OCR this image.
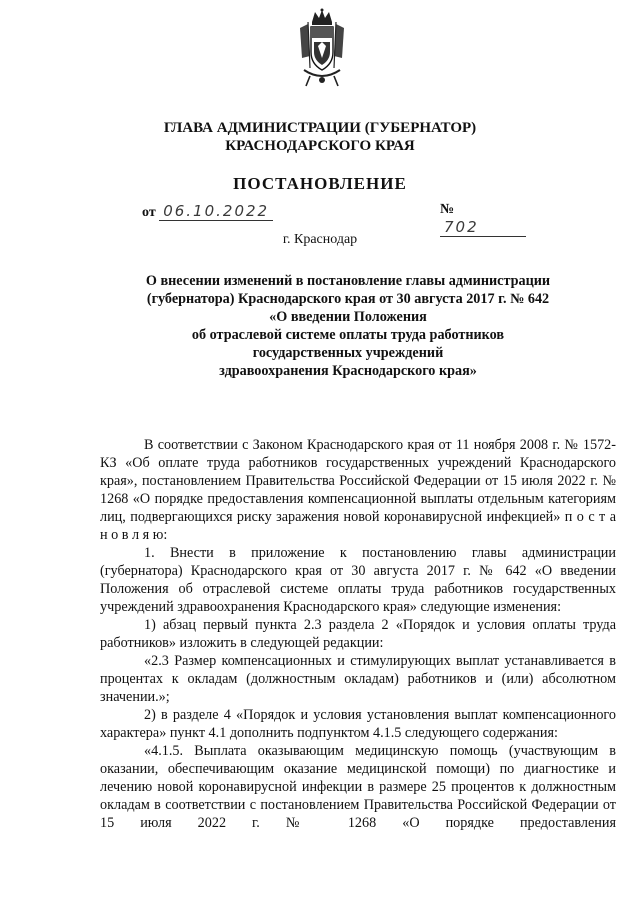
ГЛАВА АДМИНИСТРАЦИИ (ГУБЕРНАТОР)
КРАСНОДАРСКОГО КРАЯ
ПОСТАНОВЛЕНИЕ
от 06.10.2022	№ 702
г. Краснодар
О внесении изменений в постановление главы администрации
(губернатора) Краснодарского края от 30 августа 2017 г. № 642
«О введении Положения
об отраслевой системе оплаты труда работников
государственных учреждений
здравоохранения Краснодарского края»

В соответствии с Законом Краснодарского края от 11 ноября 2008 г. № 1572-КЗ «Об оплате труда работников государственных учреждений Краснодарского края», постановлением Правительства Российской Федерации от 15 июля 2022 г. № 1268 «О порядке предоставления компенсационной выплаты отдельным категориям лиц, подвергающихся риску заражения новой коронавирусной инфекцией» п о с т а н о в л я ю:

1. Внести в приложение к постановлению главы администрации (губернатора) Краснодарского края от 30 августа 2017 г. № 642 «О введении Положения об отраслевой системе оплаты труда работников государственных учреждений здравоохранения Краснодарского края» следующие изменения:

1) абзац первый пункта 2.3 раздела 2 «Порядок и условия оплаты труда работников» изложить в следующей редакции:

«2.3 Размер компенсационных и стимулирующих выплат устанавливается в процентах к окладам (должностным окладам) работников и (или) абсолютном значении.»;

2) в разделе 4 «Порядок и условия установления выплат компенсационного характера» пункт 4.1 дополнить подпунктом 4.1.5 следующего содержания:

«4.1.5. Выплата оказывающим медицинскую помощь (участвующим в оказании, обеспечивающим оказание медицинской помощи) по диагностике и лечению новой коронавирусной инфекции в размере 25 процентов к должностным окладам в соответствии с постановлением Правительства Российской Федерации от 15 июля 2022 г. № 1268 «О порядке предоставления
